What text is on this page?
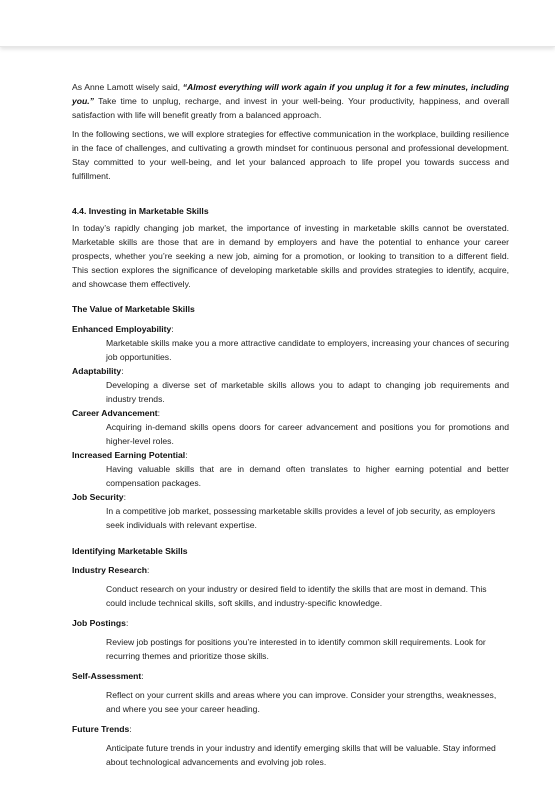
As Anne Lamott wisely said, “Almost everything will work again if you unplug it for a few minutes, including you.” Take time to unplug, recharge, and invest in your well-being. Your productivity, happiness, and overall satisfaction with life will benefit greatly from a balanced approach.

In the following sections, we will explore strategies for effective communication in the workplace, building resilience in the face of challenges, and cultivating a growth mindset for continuous personal and professional development. Stay committed to your well-being, and let your balanced approach to life propel you towards success and fulfillment.

4.4. Investing in Marketable Skills

In today’s rapidly changing job market, the importance of investing in marketable skills cannot be overstated. Marketable skills are those that are in demand by employers and have the potential to enhance your career prospects, whether you’re seeking a new job, aiming for a promotion, or looking to transition to a different field. This section explores the significance of developing marketable skills and provides strategies to identify, acquire, and showcase them effectively.

The Value of Marketable Skills
Enhanced Employability:

Marketable skills make you a more attractive candidate to employers, increasing your chances of securing job opportunities.

Adaptability:

Developing a diverse set of marketable skills allows you to adapt to changing job requirements and industry trends.

Career Advancement:

Acquiring in-demand skills opens doors for career advancement and positions you for promotions and higher-level roles.

Increased Earning Potential:

Having valuable skills that are in demand often translates to higher earning potential and better compensation packages.

Job Security:

In a competitive job market, possessing marketable skills provides a level of job security, as employers seek individuals with relevant expertise.

Identifying Marketable Skills
Industry Research:

Conduct research on your industry or desired field to identify the skills that are most in demand. This could include technical skills, soft skills, and industry-specific knowledge.

Job Postings:

Review job postings for positions you’re interested in to identify common skill requirements. Look for recurring themes and prioritize those skills.

Self-Assessment:

Reflect on your current skills and areas where you can improve. Consider your strengths, weaknesses, and where you see your career heading.

Future Trends:

Anticipate future trends in your industry and identify emerging skills that will be valuable. Stay informed about technological advancements and evolving job roles.
